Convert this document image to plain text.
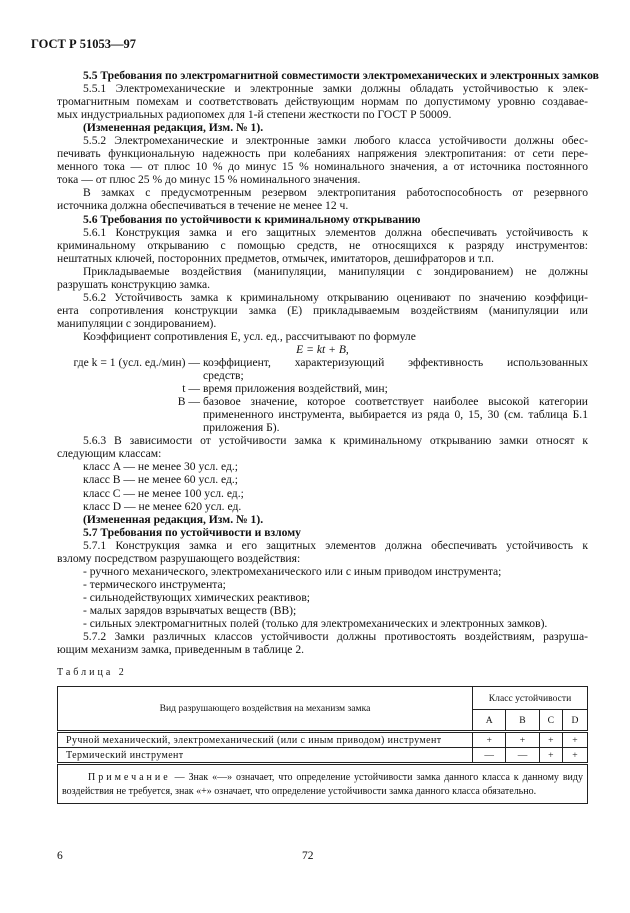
ГОСТ Р 51053—97
5.5 Требования по электромагнитной совместимости электромеханических и электронных замков
5.5.1 Электромеханические и электронные замки должны обладать устойчивостью к элек-
тромагнитным помехам и соответствовать действующим нормам по допустимому уровню создавае-
мых индустриальных радиопомех для 1-й степени жесткости по ГОСТ Р 50009.
(Измененная редакция, Изм. № 1).
5.5.2 Электромеханические и электронные замки любого класса устойчивости должны обес-
печивать функциональную надежность при колебаниях напряжения электропитания: от сети пере-
менного тока — от плюс 10 % до минус 15 % номинального значения, а от источника постоянного
тока — от плюс 25 % до минус 15 % номинального значения.
В замках с предусмотренным резервом электропитания работоспособность от резервного
источника должна обеспечиваться в течение не менее 12 ч.
5.6 Требования по устойчивости к криминальному открыванию
5.6.1 Конструкция замка и его защитных элементов должна обеспечивать устойчивость к
криминальному открыванию с помощью средств, не относящихся к разряду инструментов:
нештатных ключей, посторонних предметов, отмычек, имитаторов, дешифраторов и т.п.
Прикладываемые воздействия (манипуляции, манипуляции с зондированием) не должны
разрушать конструкцию замка.
5.6.2 Устойчивость замка к криминальному открыванию оценивают по значению коэффици-
ента сопротивления конструкции замка (E) прикладываемым воздействиям (манипуляции или
манипуляции с зондированием).
Коэффициент сопротивления E, усл. ед., рассчитывают по формуле
E = kt + B,
где k = 1 (усл. ед./мин) — коэффициент, характеризующий эффективность использованных
средств;
t — время приложения воздействий, мин;
B — базовое значение, которое соответствует наиболее высокой категории
примененного инструмента, выбирается из ряда 0, 15, 30 (см. таблица Б.1
приложения Б).
5.6.3 В зависимости от устойчивости замка к криминальному открыванию замки относят к
следующим классам:
класс A — не менее 30 усл. ед.;
класс B — не менее 60 усл. ед.;
класс C — не менее 100 усл. ед.;
класс D — не менее 620 усл. ед.
(Измененная редакция, Изм. № 1).
5.7 Требования по устойчивости и взлому
5.7.1 Конструкция замка и его защитных элементов должна обеспечивать устойчивость к
взлому посредством разрушающего воздействия:
- ручного механического, электромеханического или с иным приводом инструмента;
- термического инструмента;
- сильнодействующих химических реактивов;
- малых зарядов взрывчатых веществ (ВВ);
- сильных электромагнитных полей (только для электромеханических и электронных замков).
5.7.2 Замки различных классов устойчивости должны противостоять воздействиям, разруша-
ющим механизм замка, приведенным в таблице 2.
Таблица 2
Вид разрушающего воздействия на механизм замка	Класс устойчивости			
	A	B	C	D
Ручной механический, электромеханический (или с иным приводом) инструмент	+	+	+	+
Термический инструмент	—	—	+	+
Примечание — Знак «—» означает, что определение устойчивости замка данного класса к данному виду воздействия не требуется, знак «+» означает, что определение устойчивости замка данного класса обязательно.				
6	72
